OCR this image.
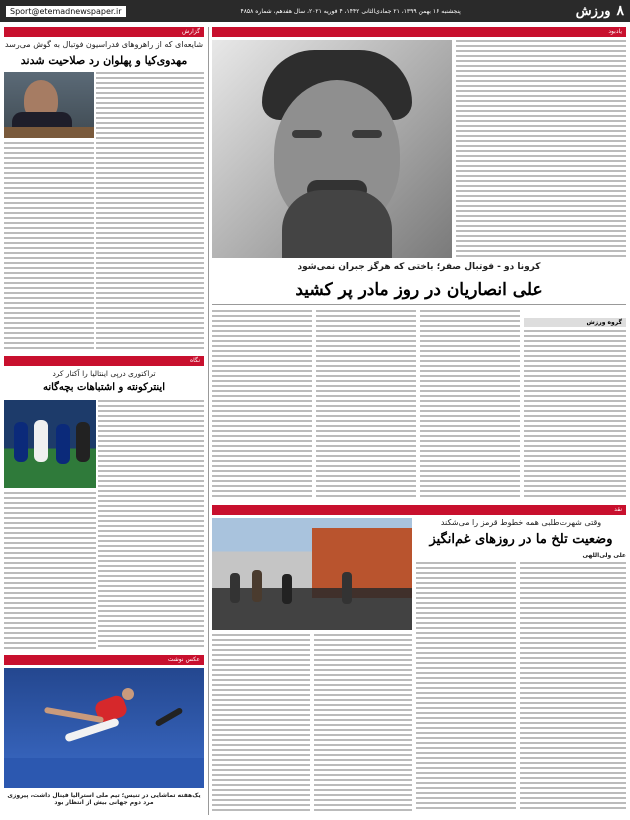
Sport@etemadnewspaper.ir	پنجشنبه ۱۶ بهمن ۱۳۹۹، ۲۱ جمادی‌الثانی ۱۴۴۲، ۴ فوریه ۲۰۲۱، سال هفدهم، شماره ۴۸۵۸	ورزش ۸
گزارش
شایعه‌ای که از راهروهای فدراسیون فوتبال به گوش می‌رسد
مهدوی‌کیا و پهلوان رد صلاحیت شدند
نگاه
تراکتوری درپی اینتالیا را آکتار کرد
اینترکونته و اشتباهات بچه‌گانه
عکس نوشت
یک‌هفته تماشایی در تنیس؛ تیم ملی استرالیا فینال داشت، پیروزی مرد دوم جهانی بیش از انتظار بود
یادبود
کرونا دو - فوتبال صفر؛ باختی که هرگز جبران نمی‌شود
علی انصاریان در روز مادر پر کشید
گروه ورزش
نقد
وقتی شهرت‌طلبی همه خطوط قرمز را می‌شکند
وضعیت تلخ ما در روزهای غم‌انگیز
علی ولی‌اللهی
